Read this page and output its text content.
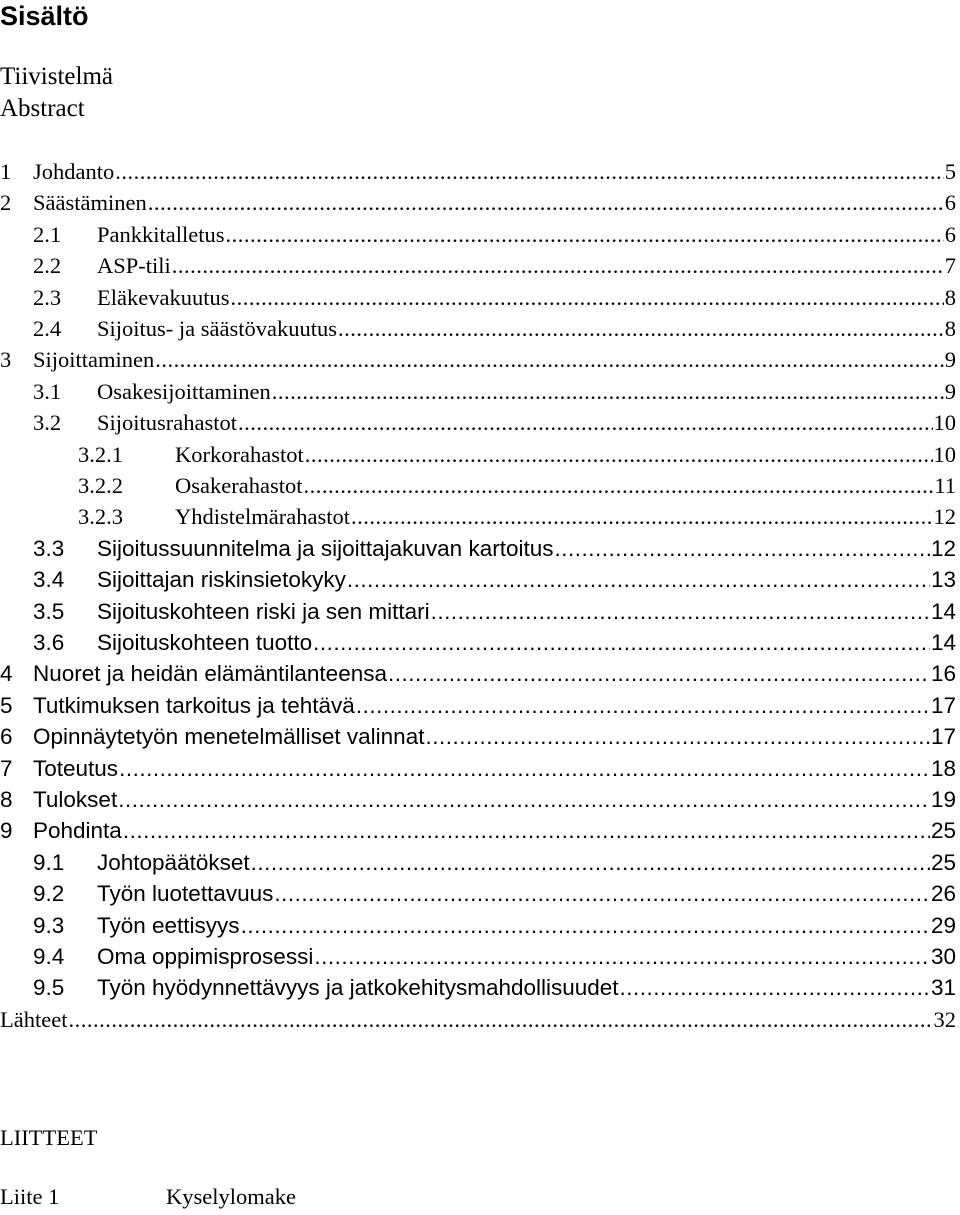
Sisältö
Tiivistelmä
Abstract
1 Johdanto .....	5
2 Säästäminen .....	6
2.1	Pankkitalletus .....	6
2.2	ASP-tili .....	7
2.3	Eläkevakuutus .....	8
2.4	Sijoitus- ja säästövakuutus .....	8
3 Sijoittaminen .....	9
3.1	Osakesijoittaminen .....	9
3.2	Sijoitusrahastot .....	10
3.2.1	Korkorahastot .....	10
3.2.2	Osakerahastot .....	11
3.2.3	Yhdistelmärahastot .....	12
3.3	Sijoitussuunnitelma ja sijoittajakuvan kartoitus .....	12
3.4	Sijoittajan riskinsietokyky .....	13
3.5	Sijoituskohteen riski ja sen mittari .....	14
3.6	Sijoituskohteen tuotto .....	14
4 Nuoret ja heidän elämäntilanteensa .....	16
5 Tutkimuksen tarkoitus ja tehtävä .....	17
6 Opinnäytetyön menetelmälliset valinnat .....	17
7 Toteutus .....	18
8 Tulokset .....	19
9 Pohdinta .....	25
9.1	Johtopäätökset .....	25
9.2	Työn luotettavuus .....	26
9.3	Työn eettisyys .....	29
9.4	Oma oppimisprosessi .....	30
9.5	Työn hyödynnettävyys ja jatkokehitysmahdollisuudet .....	31
Lähteet .....	32
LIITTEET
Liite 1	Kyselylomake
